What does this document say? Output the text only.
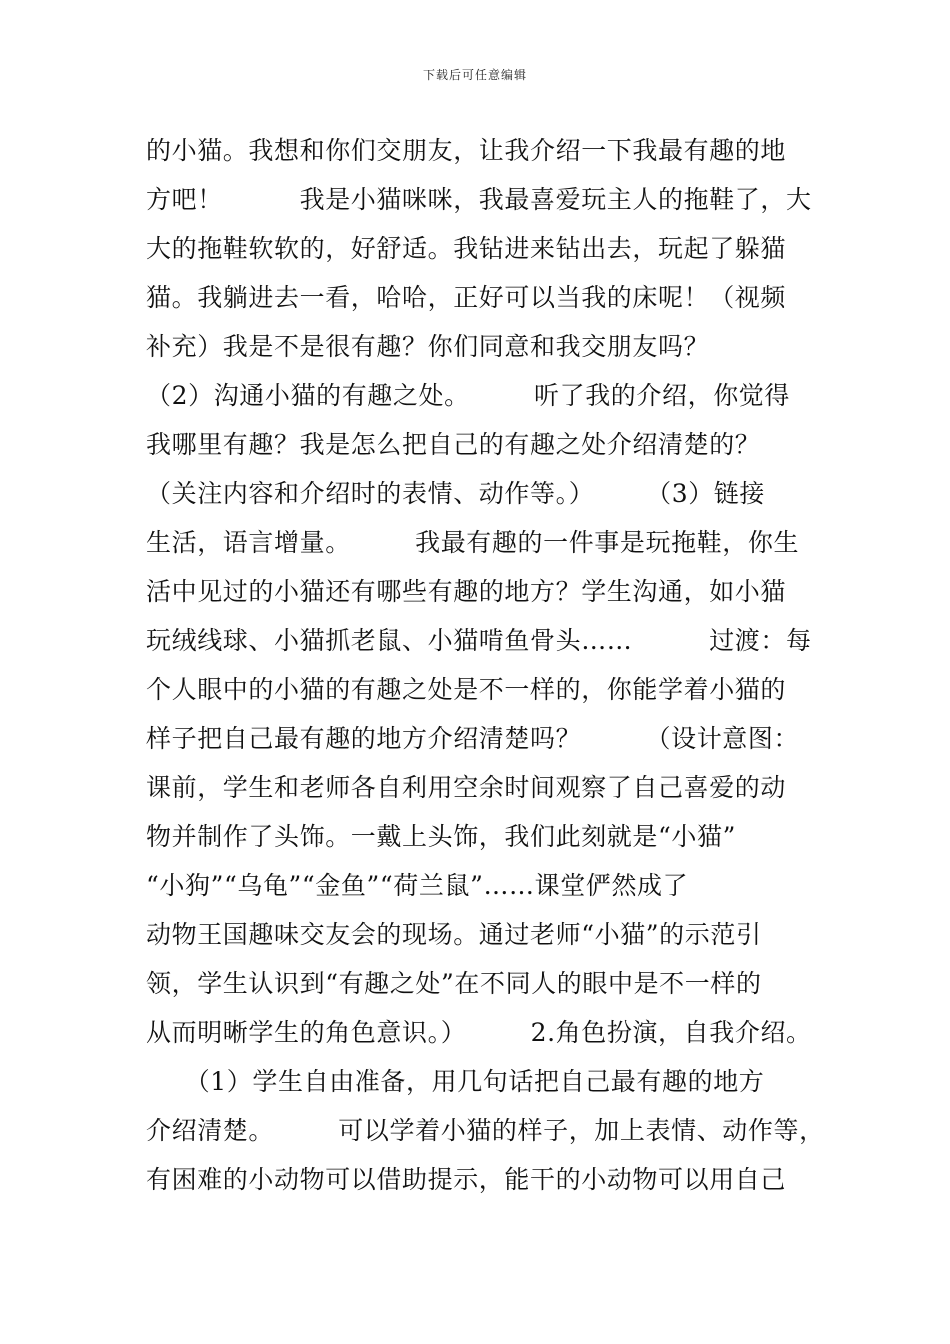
下载后可任意编辑
的小猫。我想和你们交朋友，让我介绍一下我最有趣的地
方吧！　　　我是小猫咪咪，我最喜爱玩主人的拖鞋了，大
大的拖鞋软软的，好舒适。我钻进来钻出去，玩起了躲猫
猫。我躺进去一看，哈哈，正好可以当我的床呢！（视频
补充）我是不是很有趣？你们同意和我交朋友吗？
（2）沟通小猫的有趣之处。　　　听了我的介绍，你觉得
我哪里有趣？我是怎么把自己的有趣之处介绍清楚的？
（关注内容和介绍时的表情、动作等。）　　　（3）链接
生活，语言增量。　　　我最有趣的一件事是玩拖鞋，你生
活中见过的小猫还有哪些有趣的地方？学生沟通，如小猫
玩绒线球、小猫抓老鼠、小猫啃鱼骨头……　　　过渡：每
个人眼中的小猫的有趣之处是不一样的，你能学着小猫的
样子把自己最有趣的地方介绍清楚吗？　　　（设计意图：
课前，学生和老师各自利用空余时间观察了自己喜爱的动
物并制作了头饰。一戴上头饰，我们此刻就是“小猫”
“小狗”“乌龟”“金鱼”“荷兰鼠”……课堂俨然成了
动物王国趣味交友会的现场。通过老师“小猫”的示范引
领，学生认识到“有趣之处”在不同人的眼中是不一样的
从而明晰学生的角色意识。）　　　2.角色扮演，自我介绍。
　　（1）学生自由准备，用几句话把自己最有趣的地方
介绍清楚。　　　可以学着小猫的样子，加上表情、动作等，
有困难的小动物可以借助提示，能干的小动物可以用自己
